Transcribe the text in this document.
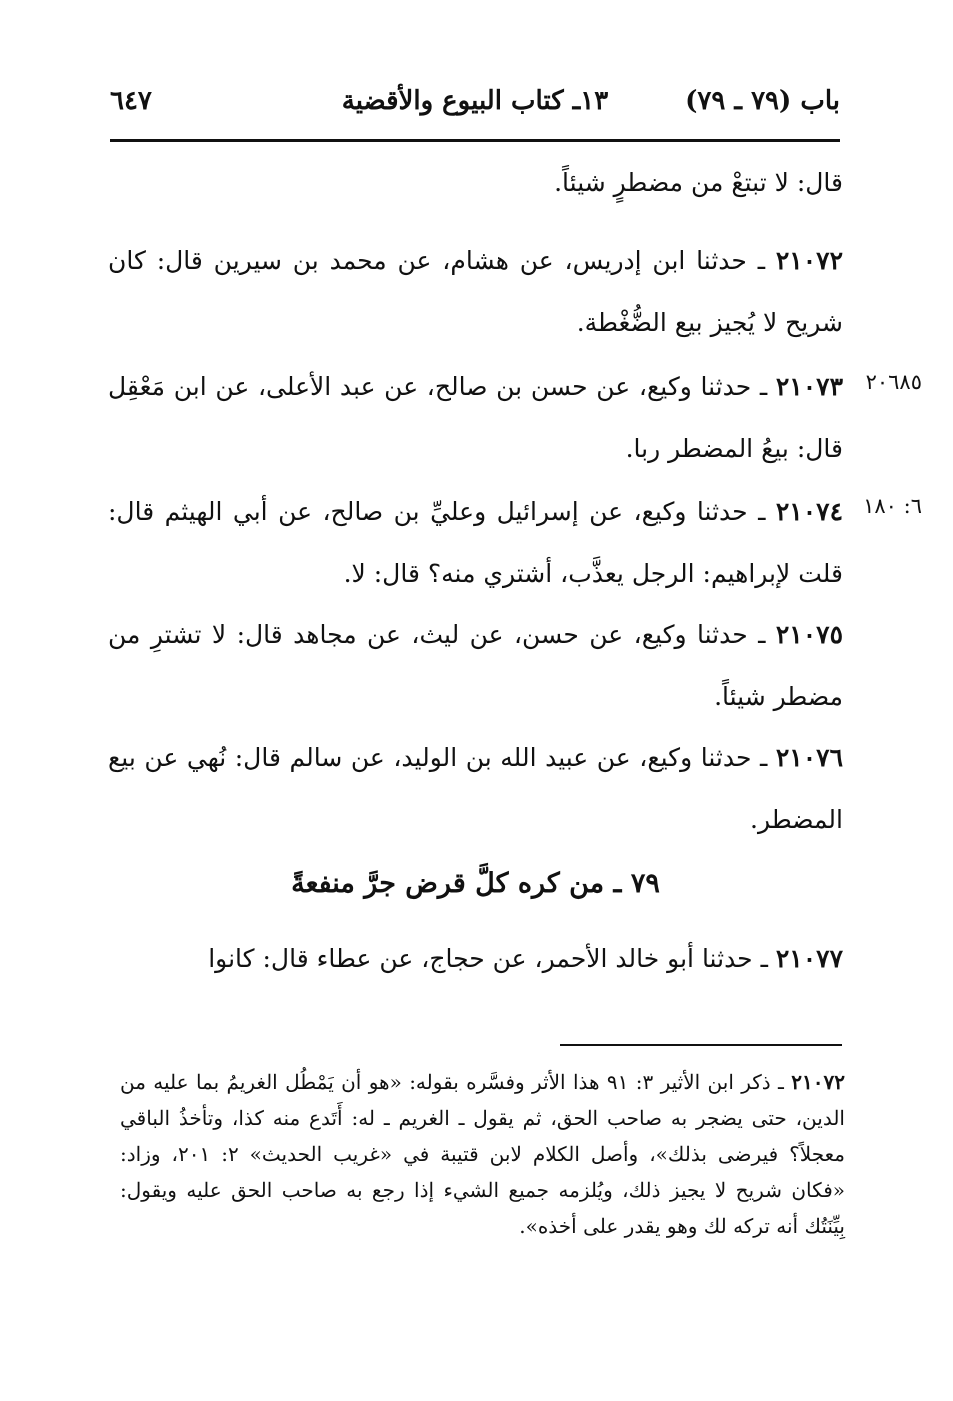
باب (٧٩ ـ ٧٩)
١٣ـ كتاب البيوع والأقضية
٦٤٧
قال: لا تبتعْ من مضطرٍ شيئاً.
٢١٠٧٢ ـ حدثنا ابن إدريس، عن هشام، عن محمد بن سيرين قال: كان شريح لا يُجيز بيع الضُّغْطة.
٢٠٦٨٥
٢١٠٧٣ ـ حدثنا وكيع، عن حسن بن صالح، عن عبد الأعلى، عن ابن مَعْقِل قال: بيعُ المضطر ربا.
٦: ١٨٠
٢١٠٧٤ ـ حدثنا وكيع، عن إسرائيل وعليِّ بن صالح، عن أبي الهيثم قال: قلت لإبراهيم: الرجل يعذَّب، أشتري منه؟ قال: لا.
٢١٠٧٥ ـ حدثنا وكيع، عن حسن، عن ليث، عن مجاهد قال: لا تشترِ من مضطر شيئاً.
٢١٠٧٦ ـ حدثنا وكيع، عن عبيد الله بن الوليد، عن سالم قال: نُهي عن بيع المضطر.
٧٩ ـ من كره كلَّ قرض جرَّ منفعةً
٢١٠٧٧ ـ حدثنا أبو خالد الأحمر، عن حجاج، عن عطاء قال: كانوا
٢١٠٧٢ ـ ذكر ابن الأثير ٣: ٩١ هذا الأثر وفسَّره بقوله: «هو أن يَمْطُل الغريمُ بما عليه من الدين، حتى يضجر به صاحب الحق، ثم يقول ـ الغريم ـ له: أَتَدع منه كذا، وتأخذُ الباقي معجلاً؟ فيرضى بذلك»، وأصل الكلام لابن قتيبة في «غريب الحديث» ٢: ٢٠١، وزاد: «فكان شريح لا يجيز ذلك، ويُلزمه جميع الشيء إذا رجع به صاحب الحق عليه ويقول: بِيِّنَتُك أنه تركه لك وهو يقدر على أخذه».
